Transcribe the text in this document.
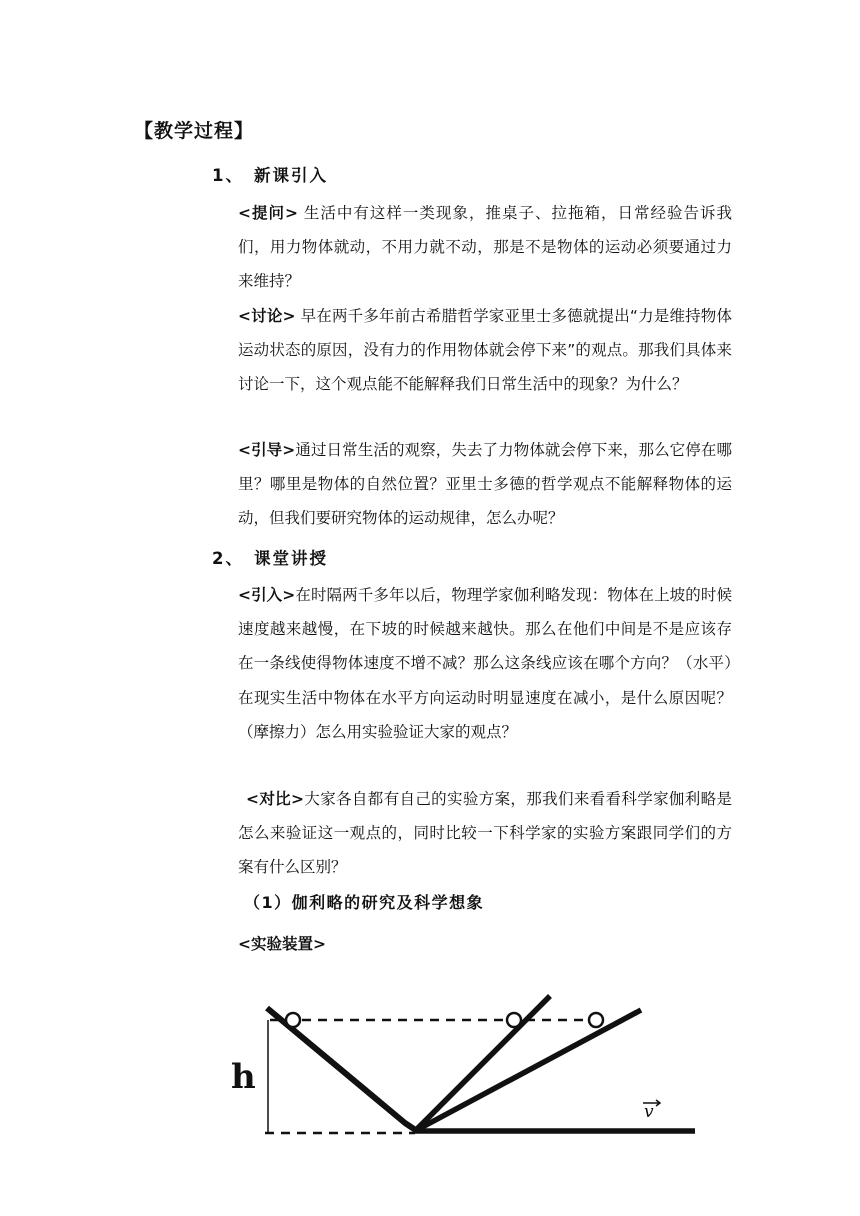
【教学过程】
1、 新课引入
<提问> 生活中有这样一类现象，推桌子、拉拖箱，日常经验告诉我们，用力物体就动，不用力就不动，那是不是物体的运动必须要通过力来维持？
<讨论> 早在两千多年前古希腊哲学家亚里士多德就提出“力是维持物体运动状态的原因，没有力的作用物体就会停下来”的观点。那我们具体来讨论一下，这个观点能不能解释我们日常生活中的现象？为什么？
<引导>通过日常生活的观察，失去了力物体就会停下来，那么它停在哪里？哪里是物体的自然位置？亚里士多德的哲学观点不能解释物体的运动，但我们要研究物体的运动规律，怎么办呢？
2、 课堂讲授
<引入>在时隔两千多年以后，物理学家伽利略发现：物体在上坡的时候速度越来越慢，在下坡的时候越来越快。那么在他们中间是不是应该存在一条线使得物体速度不增不减？那么这条线应该在哪个方向？（水平）在现实生活中物体在水平方向运动时明显速度在减小，是什么原因呢？（摩擦力）怎么用实验验证大家的观点？
<对比>大家各自都有自己的实验方案，那我们来看看科学家伽利略是怎么来验证这一观点的，同时比较一下科学家的实验方案跟同学们的方案有什么区别？
（1）伽利略的研究及科学想象
<实验装置>
h
v
